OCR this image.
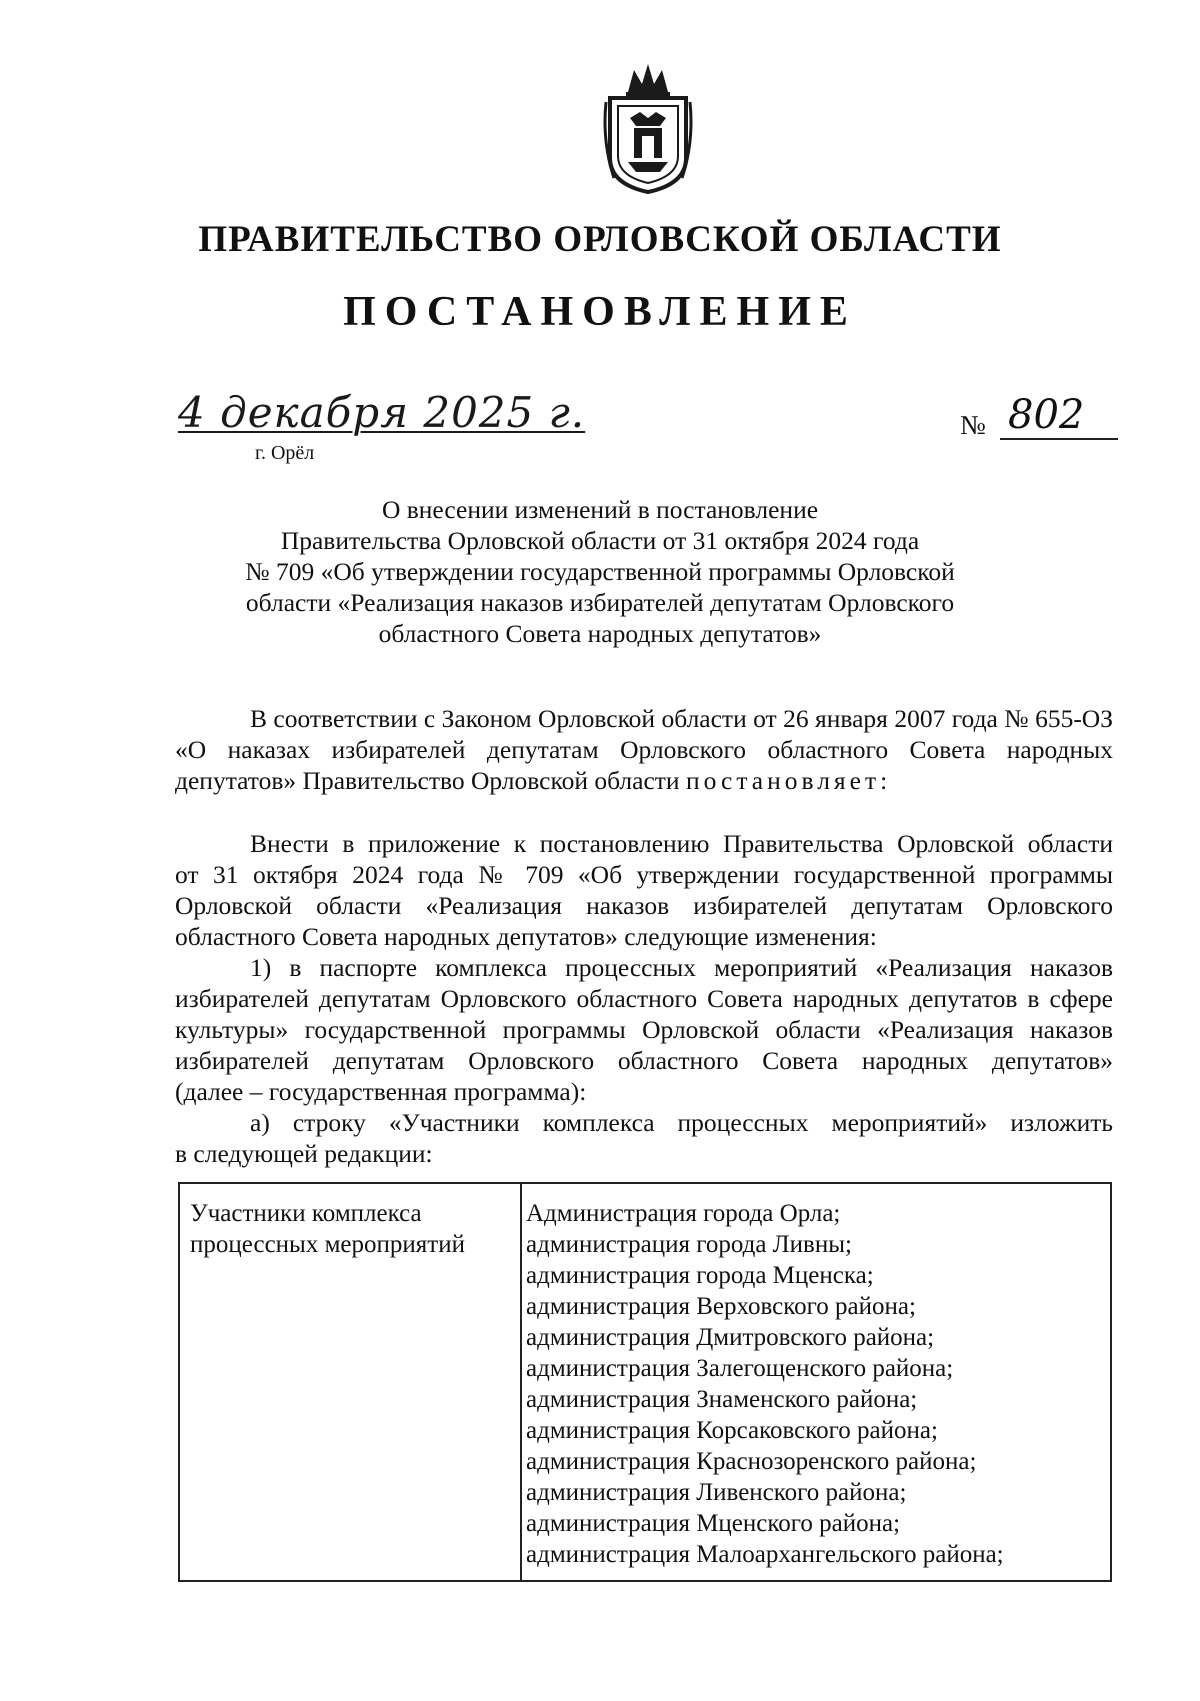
ПРАВИТЕЛЬСТВО ОРЛОВСКОЙ ОБЛАСТИ
ПОСТАНОВЛЕНИЕ
4 декабря 2025 г.
г. Орёл
№ 802
О внесении изменений в постановление
Правительства Орловской области от 31 октября 2024 года
№ 709 «Об утверждении государственной программы Орловской
области «Реализация наказов избирателей депутатам Орловского
областного Совета народных депутатов»
В соответствии с Законом Орловской области от 26 января 2007 года № 655-ОЗ
«О наказах избирателей депутатам Орловского областного Совета народных
депутатов» Правительство Орловской области постановляет:
Внести в приложение к постановлению Правительства Орловской области
от 31 октября 2024 года № 709 «Об утверждении государственной программы
Орловской области «Реализация наказов избирателей депутатам Орловского
областного Совета народных депутатов» следующие изменения:
1) в паспорте комплекса процессных мероприятий «Реализация наказов
избирателей депутатам Орловского областного Совета народных депутатов в сфере
культуры» государственной программы Орловской области «Реализация наказов
избирателей депутатам Орловского областного Совета народных депутатов»
(далее – государственная программа):
а) строку «Участники комплекса процессных мероприятий» изложить
в следующей редакции:
Участники комплекса процессных мероприятий
Администрация города Орла;
администрация города Ливны;
администрация города Мценска;
администрация Верховского района;
администрация Дмитровского района;
администрация Залегощенского района;
администрация Знаменского района;
администрация Корсаковского района;
администрация Краснозоренского района;
администрация Ливенского района;
администрация Мценского района;
администрация Малоархангельского района;
